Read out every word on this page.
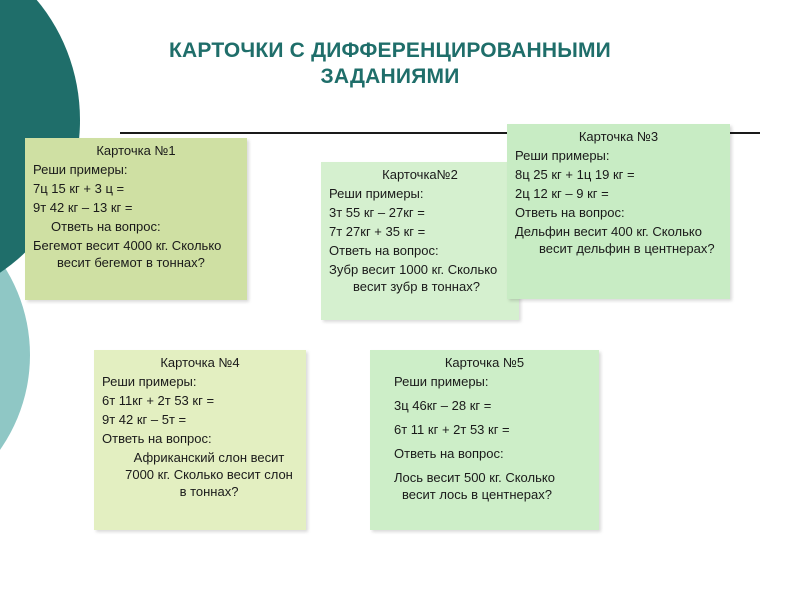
КАРТОЧКИ С ДИФФЕРЕНЦИРОВАННЫМИ ЗАДАНИЯМИ
Карточка №1
Реши примеры:
7ц 15 кг + 3 ц =
9т 42 кг – 13 кг =
Ответь на вопрос:
Бегемот весит 4000 кг. Сколько весит бегемот в тоннах?
Карточка№2
Реши примеры:
3т 55 кг – 27кг =
7т 27кг + 35 кг =
Ответь на вопрос:
Зубр весит 1000 кг. Сколько весит зубр в тоннах?
Карточка №3
Реши примеры:
8ц 25 кг + 1ц 19 кг =
2ц 12 кг – 9 кг =
Ответь на вопрос:
Дельфин весит 400 кг. Сколько весит дельфин в центнерах?
Карточка №4
Реши примеры:
6т 11кг + 2т 53 кг =
9т 42 кг – 5т =
Ответь на вопрос:
Африканский слон весит 7000 кг. Сколько весит слон в тоннах?
Карточка №5
Реши примеры:
3ц 46кг – 28 кг =
6т 11 кг + 2т 53 кг =
Ответь на вопрос:
Лось весит 500 кг. Сколько весит лось в центнерах?
